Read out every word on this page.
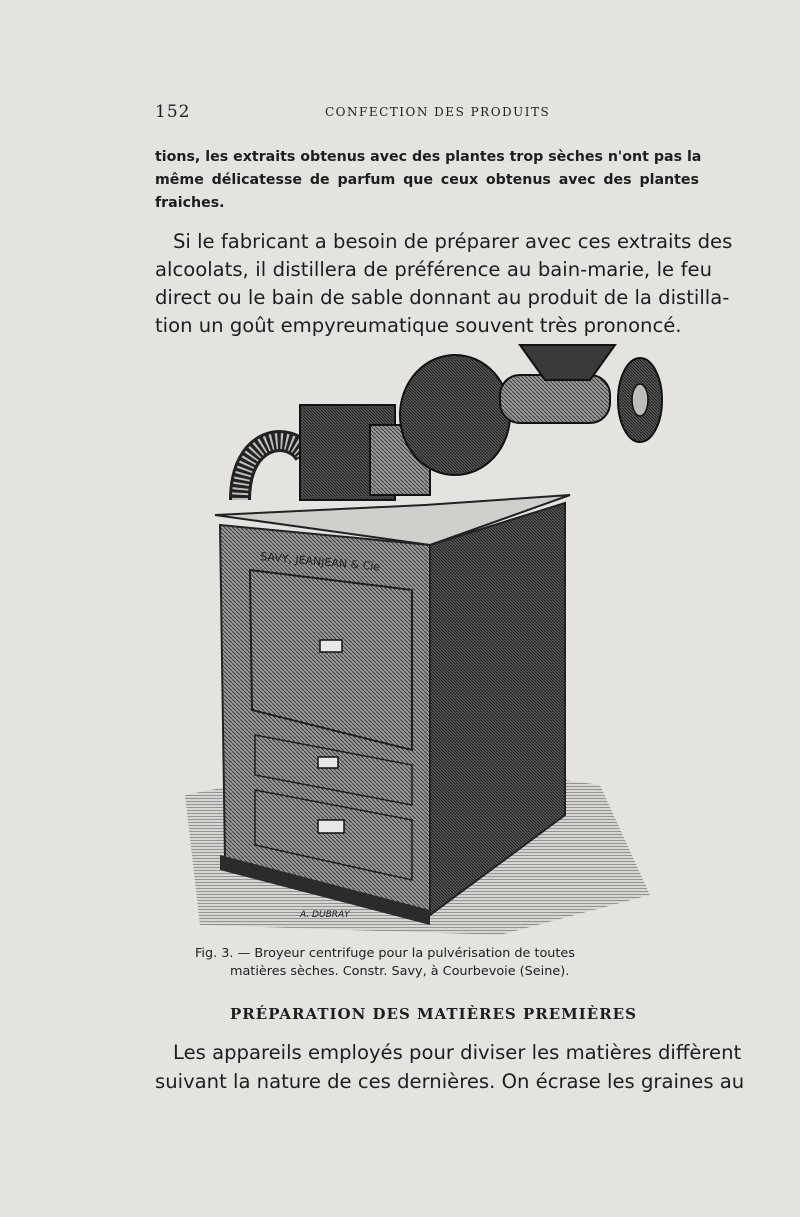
152	CONFECTION DES PRODUITS

tions, les extraits obtenus avec des plantes trop sèches n'ont pas la
même délicatesse de parfum que ceux obtenus avec des plantes
fraiches.

Si le fabricant a besoin de préparer avec ces extraits des
alcoolats, il distillera de préférence au bain-marie, le feu
direct ou le bain de sable donnant au produit de la distilla-
tion un goût empyreumatique souvent très prononcé.

SAVY, JEANJEAN & Cie
A. DUBRAY

Fig. 3. — Broyeur centrifuge pour la pulvérisation de toutes
matières sèches. Constr. Savy, à Courbevoie (Seine).

PRÉPARATION DES MATIÈRES PREMIÈRES

Les appareils employés pour diviser les matières diffèrent
suivant la nature de ces dernières. On écrase les graines au
